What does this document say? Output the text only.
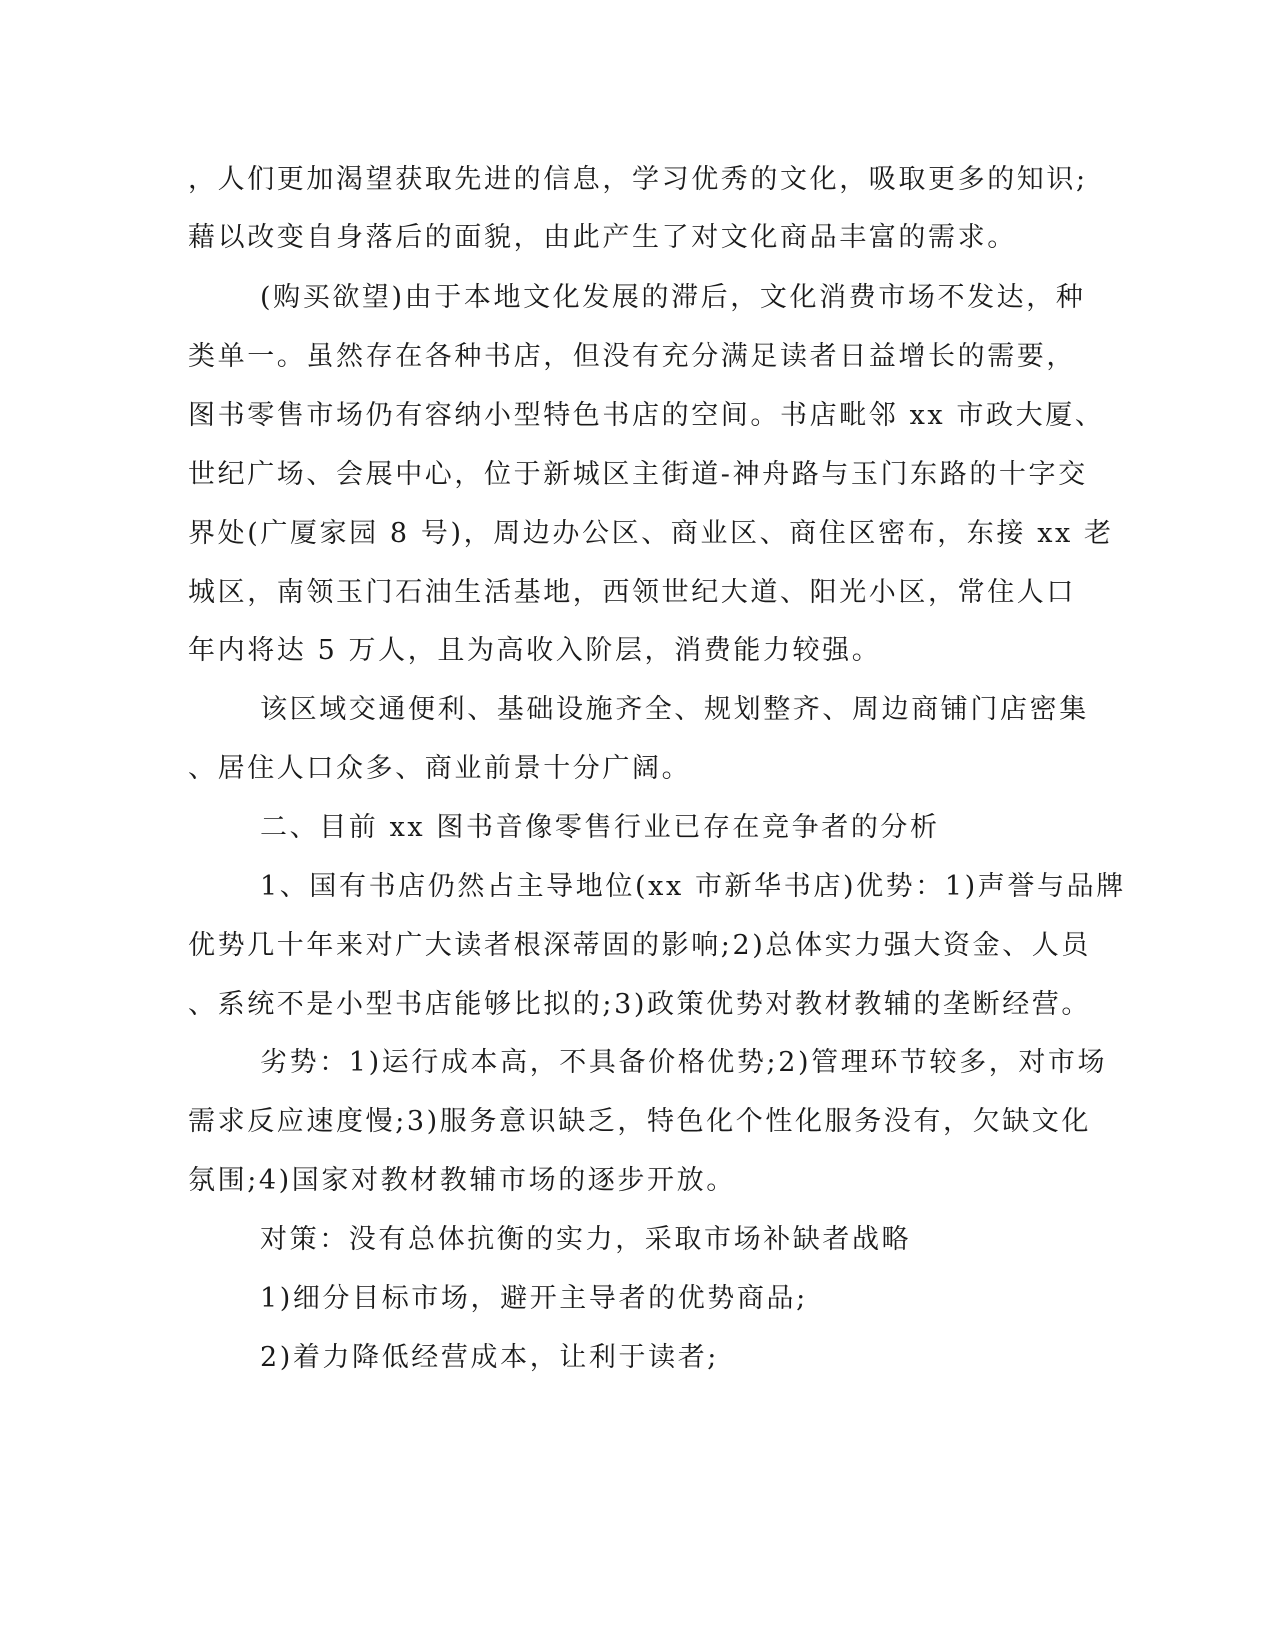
，人们更加渴望获取先进的信息，学习优秀的文化，吸取更多的知识;
藉以改变自身落后的面貌，由此产生了对文化商品丰富的需求。
(购买欲望)由于本地文化发展的滞后，文化消费市场不发达，种
类单一。虽然存在各种书店，但没有充分满足读者日益增长的需要，
图书零售市场仍有容纳小型特色书店的空间。书店毗邻 xx 市政大厦、
世纪广场、会展中心，位于新城区主街道-神舟路与玉门东路的十字交
界处(广厦家园 8 号)，周边办公区、商业区、商住区密布，东接 xx 老
城区，南领玉门石油生活基地，西领世纪大道、阳光小区，常住人口
年内将达 5 万人，且为高收入阶层，消费能力较强。
该区域交通便利、基础设施齐全、规划整齐、周边商铺门店密集
、居住人口众多、商业前景十分广阔。
二、目前 xx 图书音像零售行业已存在竞争者的分析
1、国有书店仍然占主导地位(xx 市新华书店)优势：1)声誉与品牌
优势几十年来对广大读者根深蒂固的影响;2)总体实力强大资金、人员
、系统不是小型书店能够比拟的;3)政策优势对教材教辅的垄断经营。
劣势：1)运行成本高，不具备价格优势;2)管理环节较多，对市场
需求反应速度慢;3)服务意识缺乏，特色化个性化服务没有，欠缺文化
氛围;4)国家对教材教辅市场的逐步开放。
对策：没有总体抗衡的实力，采取市场补缺者战略
1)细分目标市场，避开主导者的优势商品;
2)着力降低经营成本，让利于读者;
